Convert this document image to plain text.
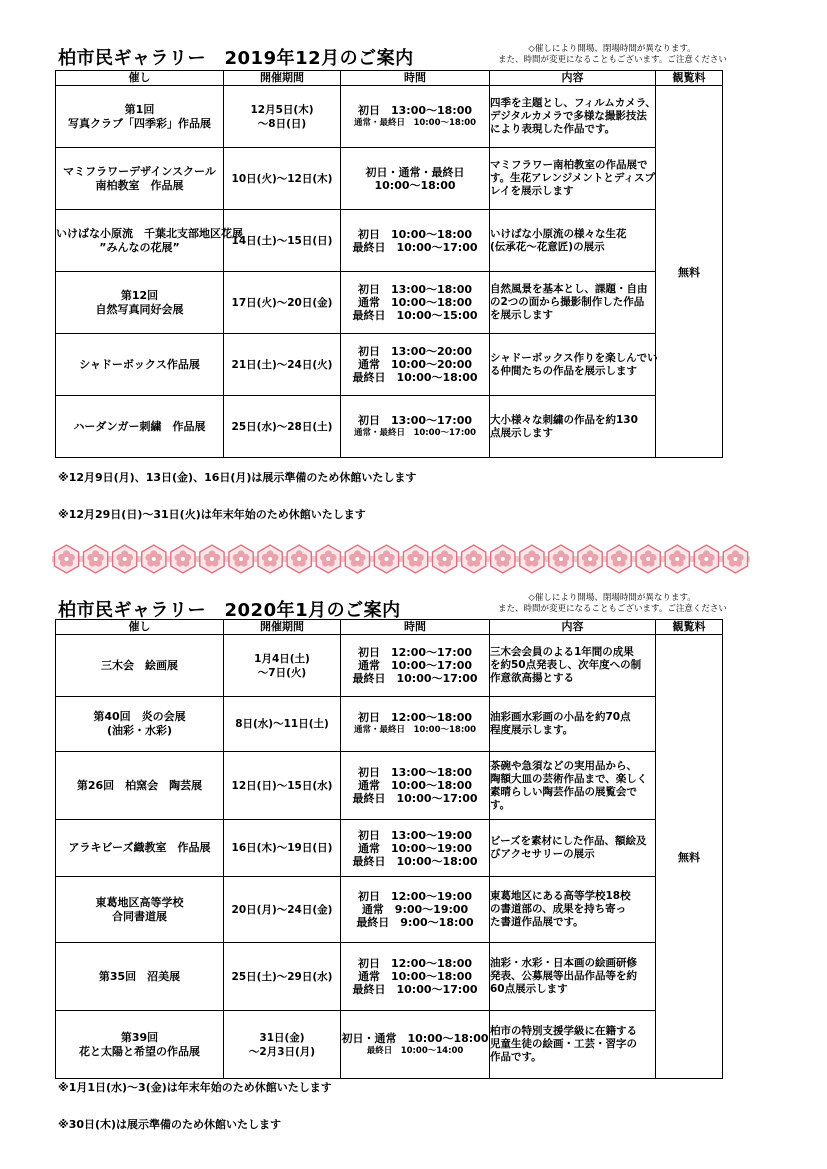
柏市民ギャラリー　2019年12月のご案内	◇催しにより開場、閉場時間が異なります。
また、時間が変更になることもございます。ご注意ください
催し	開催期間	時間	内容	観覧料

第1回
写真クラブ「四季彩」作品展	12月5日(木)
～8日(日)	初日　13:00～18:00
通常・最終日　10:00～18:00	四季を主題とし、フィルムカメラ、
デジタルカメラで多様な撮影技法
により表現した作品です。	無料

マミフラワーデザインスクール
南柏教室　作品展	10日(火)～12日(木)	初日・通常・最終日
10:00～18:00	マミフラワー南柏教室の作品展で
す。生花アレンジメントとディスプ
レイを展示します	

いけばな小原流　千葉北支部地区花展
”みんなの花展”	14日(土)～15日(日)	初日　10:00～18:00
最終日　10:00～17:00	いけばな小原流の様々な生花
(伝承花～花意匠)の展示	

第12回
自然写真同好会展	17日(火)～20日(金)	初日　13:00～18:00
通常　10:00～18:00
最終日　10:00～15:00	自然風景を基本とし、課題・自由
の2つの面から撮影制作した作品
を展示します	

シャドーボックス作品展	21日(土)～24日(火)	初日　13:00～20:00
通常　10:00～20:00
最終日　10:00～18:00	シャドーボックス作りを楽しんでい
る仲間たちの作品を展示します	

ハーダンガー刺繍　作品展	25日(水)～28日(土)	初日　13:00～17:00
通常・最終日　10:00～17:00	大小様々な刺繍の作品を約130
点展示します	
※12月9日(月)、13日(金)、16日(月)は展示準備のため休館いたします
※12月29日(日)～31日(火)は年末年始のため休館いたします
柏市民ギャラリー　2020年1月のご案内
◇催しにより開場、閉場時間が異なります。
また、時間が変更になることもございます。ご注意ください
催し	開催期間	時間	内容	観覧料

三木会　絵画展	1月4日(土)
～7日(火)	初日　12:00～17:00
通常　10:00～17:00
最終日　10:00～17:00	三木会会員のよる1年間の成果
を約50点発表し、次年度への制
作意欲高揚とする	無料

第40回　炎の会展
(油彩・水彩)	8日(水)～11日(土)	初日　12:00～18:00
通常・最終日　10:00～18:00	油彩画水彩画の小品を約70点
程度展示します。	

第26回　柏窯会　陶芸展	12日(日)～15日(水)	初日　13:00～18:00
通常　10:00～18:00
最終日　10:00～17:00	茶碗や急須などの実用品から、
陶額大皿の芸術作品まで、楽しく
素晴らしい陶芸作品の展覧会で
す。	

アラキビーズ織教室　作品展	16日(木)～19日(日)	初日　13:00～19:00
通常　10:00～19:00
最終日　10:00～18:00	ビーズを素材にした作品、額絵及
びアクセサリーの展示	

東葛地区高等学校
合同書道展	20日(月)～24日(金)	初日　12:00～19:00
通常　9:00～19:00
最終日　9:00～18:00	東葛地区にある高等学校18校
の書道部の、成果を持ち寄っ
た書道作品展です。	

第35回　沼美展	25日(土)～29日(水)	初日　12:00～18:00
通常　10:00～18:00
最終日　10:00～17:00	油彩・水彩・日本画の絵画研修
発表、公募展等出品作品等を約
60点展示します	

第39回
花と太陽と希望の作品展	31日(金)
～2月3日(月)	初日・通常　10:00～18:00
最終日　10:00～14:00	柏市の特別支援学級に在籍する
児童生徒の絵画・工芸・習字の
作品です。	
※1月1日(水)～3(金)は年末年始のため休館いたします
※30日(木)は展示準備のため休館いたします
